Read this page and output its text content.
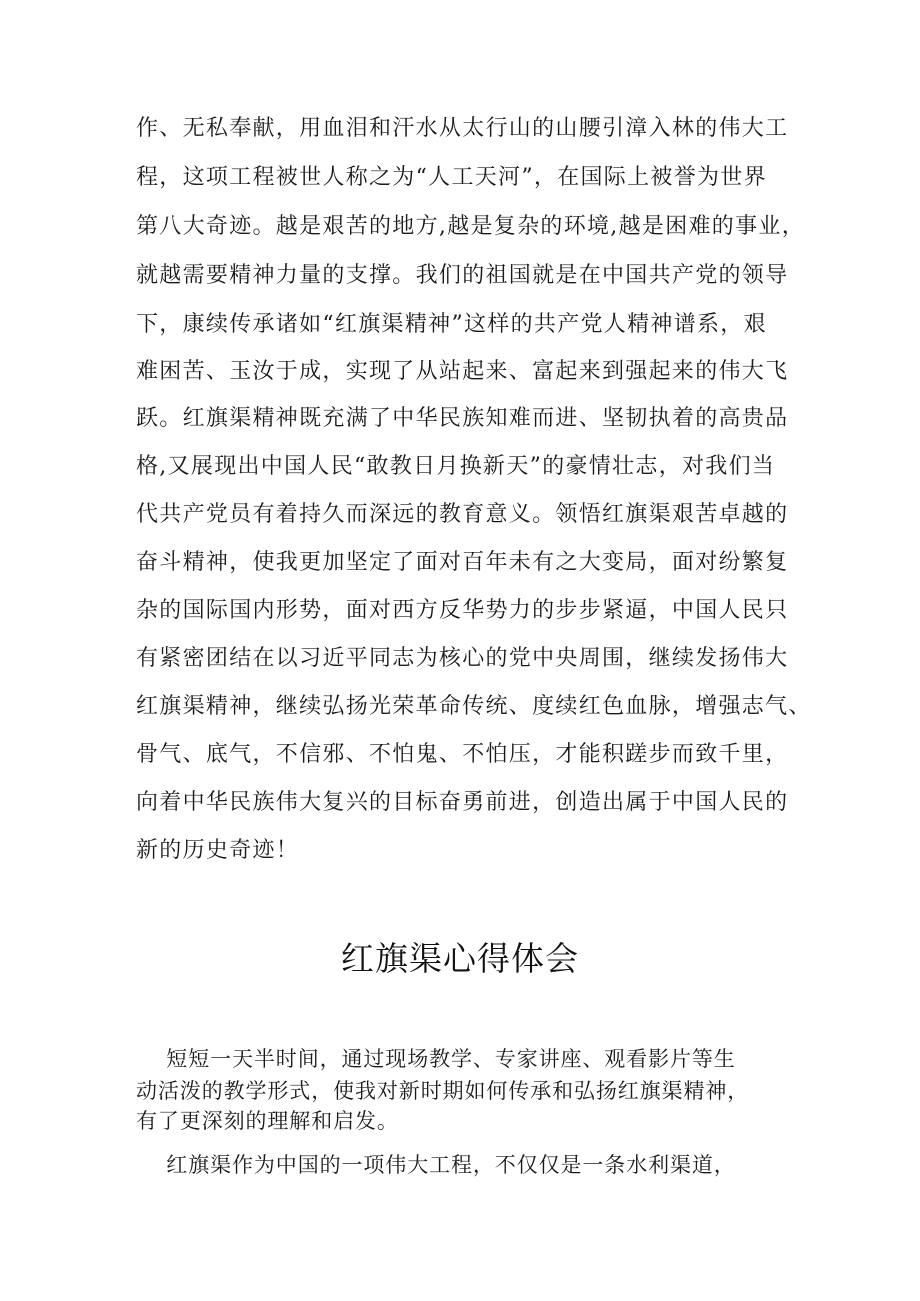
作、无私奉献，用血泪和汗水从太行山的山腰引漳入林的伟大工
程，这项工程被世人称之为“人工天河”，在国际上被誉为世界
第八大奇迹。越是艰苦的地方,越是复杂的环境,越是困难的事业，
就越需要精神力量的支撑。我们的祖国就是在中国共产党的领导
下，康续传承诸如“红旗渠精神”这样的共产党人精神谱系，艰
难困苦、玉汝于成，实现了从站起来、富起来到强起来的伟大飞
跃。红旗渠精神既充满了中华民族知难而进、坚韧执着的高贵品
格,又展现出中国人民“敢教日月换新天”的豪情壮志，对我们当
代共产党员有着持久而深远的教育意义。领悟红旗渠艰苦卓越的
奋斗精神，使我更加坚定了面对百年未有之大变局，面对纷繁复
杂的国际国内形势，面对西方反华势力的步步紧逼，中国人民只
有紧密团结在以习近平同志为核心的党中央周围，继续发扬伟大
红旗渠精神，继续弘扬光荣革命传统、度续红色血脉，增强志气、
骨气、底气，不信邪、不怕鬼、不怕压，才能积蹉步而致千里，
向着中华民族伟大复兴的目标奋勇前进，创造出属于中国人民的
新的历史奇迹！
红旗渠心得体会
短短一天半时间，通过现场教学、专家讲座、观看影片等生
动活泼的教学形式，使我对新时期如何传承和弘扬红旗渠精神，
有了更深刻的理解和启发。
红旗渠作为中国的一项伟大工程，不仅仅是一条水利渠道，
